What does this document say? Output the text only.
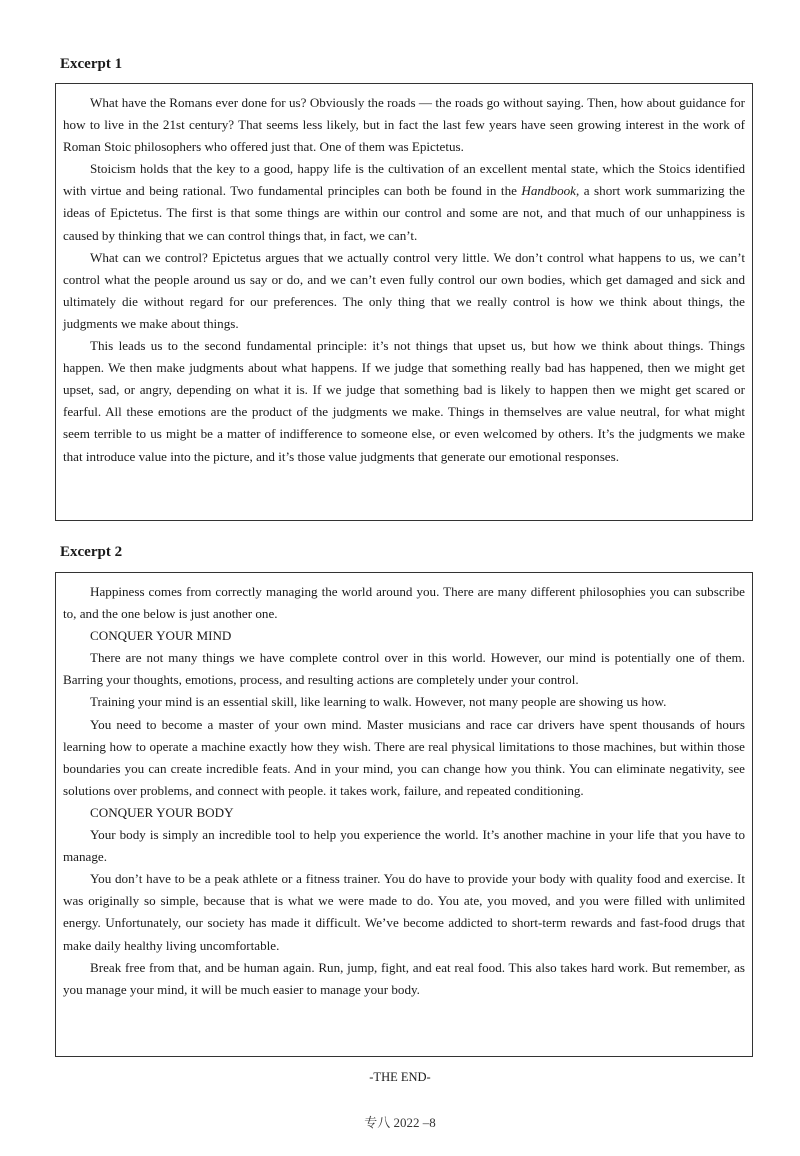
Excerpt 1

What have the Romans ever done for us? Obviously the roads — the roads go without saying. Then, how about guidance for how to live in the 21st century? That seems less likely, but in fact the last few years have seen growing interest in the work of Roman Stoic philosophers who offered just that. One of them was Epictetus.

Stoicism holds that the key to a good, happy life is the cultivation of an excellent mental state, which the Stoics identified with virtue and being rational. Two fundamental principles can both be found in the Handbook, a short work summarizing the ideas of Epictetus. The first is that some things are within our control and some are not, and that much of our unhappiness is caused by thinking that we can control things that, in fact, we can’t.

What can we control? Epictetus argues that we actually control very little. We don’t control what happens to us, we can’t control what the people around us say or do, and we can’t even fully control our own bodies, which get damaged and sick and ultimately die without regard for our preferences. The only thing that we really control is how we think about things, the judgments we make about things.

This leads us to the second fundamental principle: it’s not things that upset us, but how we think about things. Things happen. We then make judgments about what happens. If we judge that something really bad has happened, then we might get upset, sad, or angry, depending on what it is. If we judge that something bad is likely to happen then we might get scared or fearful. All these emotions are the product of the judgments we make. Things in themselves are value neutral, for what might seem terrible to us might be a matter of indifference to someone else, or even welcomed by others. It’s the judgments we make that introduce value into the picture, and it’s those value judgments that generate our emotional responses.

Excerpt 2

Happiness comes from correctly managing the world around you. There are many different philosophies you can subscribe to, and the one below is just another one.

CONQUER YOUR MIND

There are not many things we have complete control over in this world. However, our mind is potentially one of them. Barring your thoughts, emotions, process, and resulting actions are completely under your control.

Training your mind is an essential skill, like learning to walk. However, not many people are showing us how.

You need to become a master of your own mind. Master musicians and race car drivers have spent thousands of hours learning how to operate a machine exactly how they wish. There are real physical limitations to those machines, but within those boundaries you can create incredible feats. And in your mind, you can change how you think. You can eliminate negativity, see solutions over problems, and connect with people. it takes work, failure, and repeated conditioning.

CONQUER YOUR BODY

Your body is simply an incredible tool to help you experience the world. It’s another machine in your life that you have to manage.

You don’t have to be a peak athlete or a fitness trainer. You do have to provide your body with quality food and exercise. It was originally so simple, because that is what we were made to do. You ate, you moved, and you were filled with unlimited energy. Unfortunately, our society has made it difficult. We’ve become addicted to short-term rewards and fast-food drugs that make daily healthy living uncomfortable.

Break free from that, and be human again. Run, jump, fight, and eat real food. This also takes hard work. But remember, as you manage your mind, it will be much easier to manage your body.

-THE END-

专八 2022 –8
